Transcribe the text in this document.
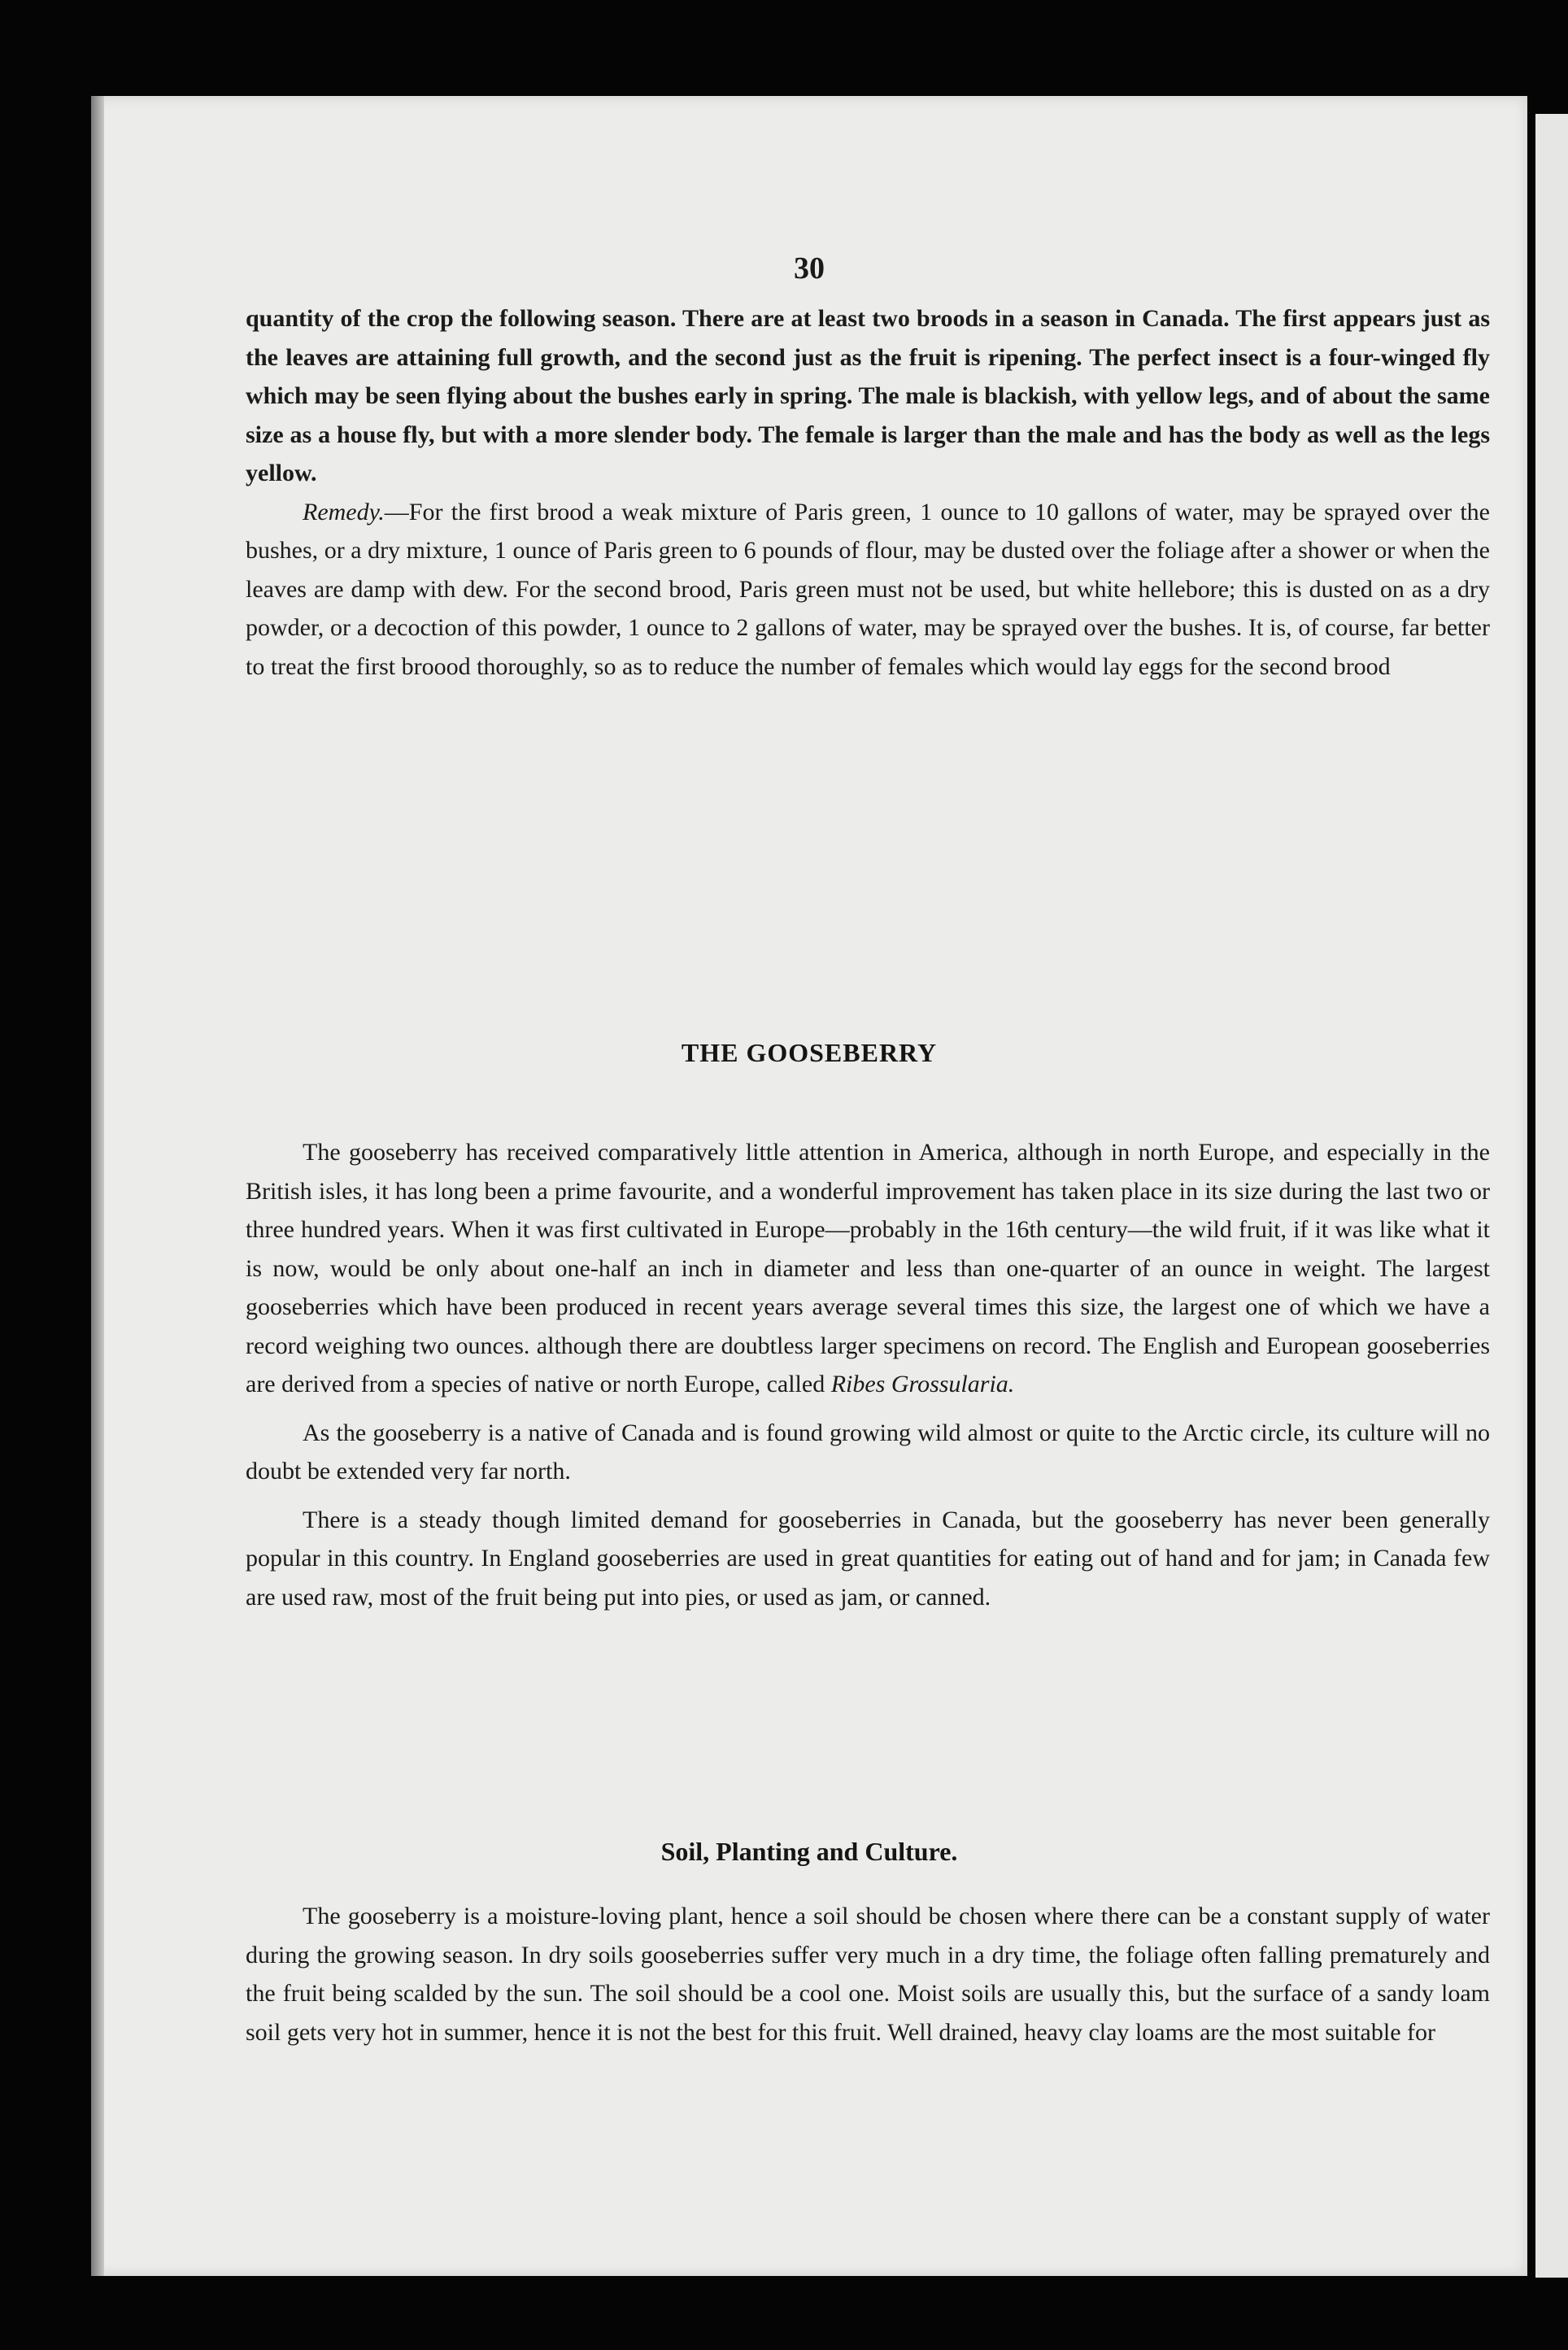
30

quantity of the crop the following season. There are at least two broods in a season in Canada. The first appears just as the leaves are attaining full growth, and the second just as the fruit is ripening. The perfect insect is a four-winged fly which may be seen flying about the bushes early in spring. The male is blackish, with yellow legs, and of about the same size as a house fly, but with a more slender body. The female is larger than the male and has the body as well as the legs yellow.

Remedy.—For the first brood a weak mixture of Paris green, 1 ounce to 10 gallons of water, may be sprayed over the bushes, or a dry mixture, 1 ounce of Paris green to 6 pounds of flour, may be dusted over the foliage after a shower or when the leaves are damp with dew. For the second brood, Paris green must not be used, but white hellebore; this is dusted on as a dry powder, or a decoction of this powder, 1 ounce to 2 gallons of water, may be sprayed over the bushes. It is, of course, far better to treat the first broood thoroughly, so as to reduce the number of females which would lay eggs for the second brood

THE GOOSEBERRY

The gooseberry has received comparatively little attention in America, although in north Europe, and especially in the British isles, it has long been a prime favourite, and a wonderful improvement has taken place in its size during the last two or three hundred years. When it was first cultivated in Europe—probably in the 16th century—the wild fruit, if it was like what it is now, would be only about one-half an inch in diameter and less than one-quarter of an ounce in weight. The largest gooseberries which have been produced in recent years average several times this size, the largest one of which we have a record weighing two ounces. although there are doubtless larger specimens on record. The English and European gooseberries are derived from a species of native or north Europe, called Ribes Grossularia.

As the gooseberry is a native of Canada and is found growing wild almost or quite to the Arctic circle, its culture will no doubt be extended very far north.

There is a steady though limited demand for gooseberries in Canada, but the gooseberry has never been generally popular in this country. In England gooseberries are used in great quantities for eating out of hand and for jam; in Canada few are used raw, most of the fruit being put into pies, or used as jam, or canned.

Soil, Planting and Culture.

The gooseberry is a moisture-loving plant, hence a soil should be chosen where there can be a constant supply of water during the growing season. In dry soils gooseberries suffer very much in a dry time, the foliage often falling prematurely and the fruit being scalded by the sun. The soil should be a cool one. Moist soils are usually this, but the surface of a sandy loam soil gets very hot in summer, hence it is not the best for this fruit. Well drained, heavy clay loams are the most suitable for
